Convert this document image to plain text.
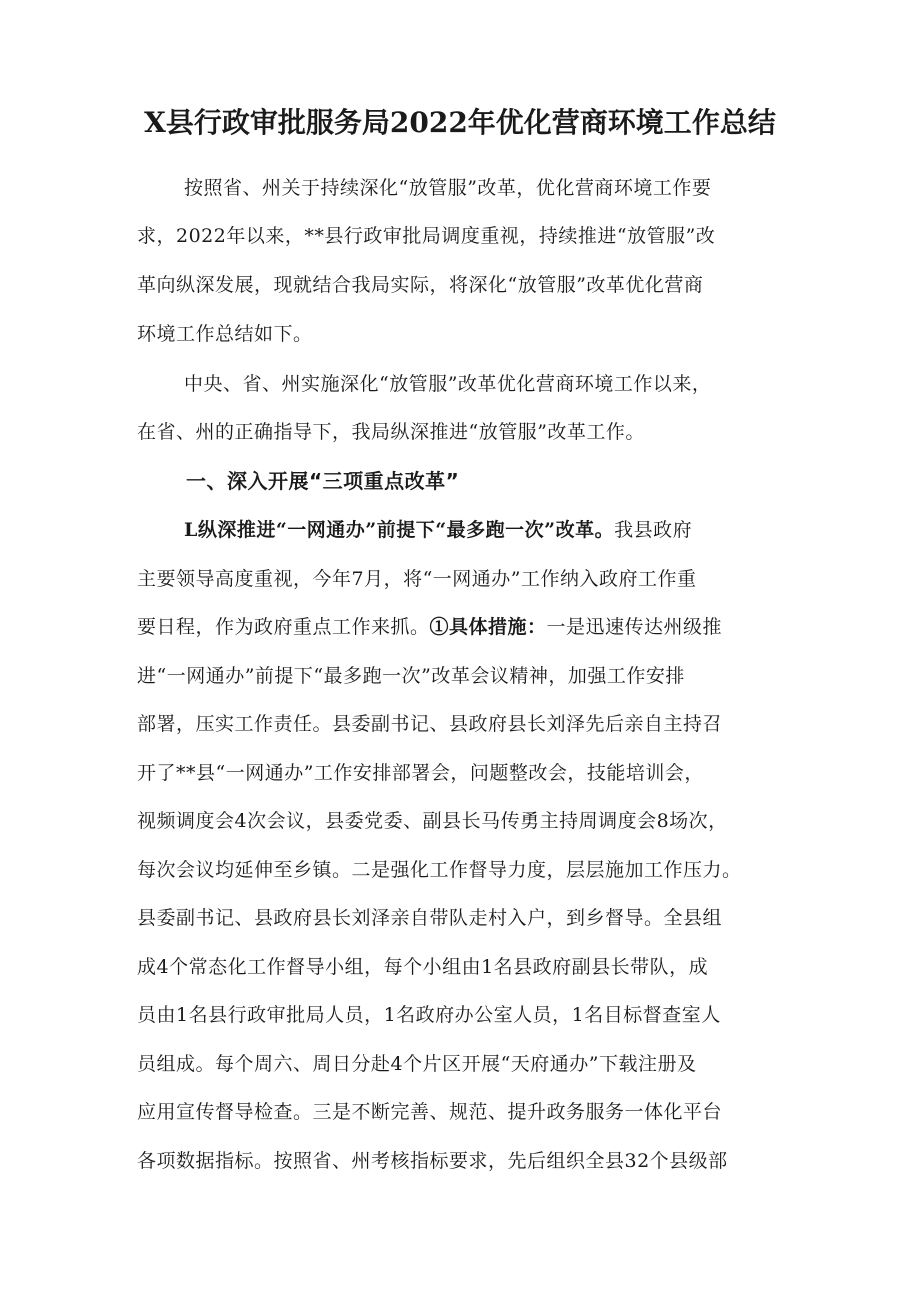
X县行政审批服务局2022年优化营商环境工作总结
按照省、州关于持续深化“放管服”改革，优化营商环境工作要
求，2022年以来，**县行政审批局调度重视，持续推进“放管服”改
革向纵深发展，现就结合我局实际，将深化“放管服”改革优化营商
环境工作总结如下。
中央、省、州实施深化“放管服”改革优化营商环境工作以来，
在省、州的正确指导下，我局纵深推进“放管服”改革工作。
一、深入开展“三项重点改革”
L纵深推进“一网通办”前提下“最多跑一次”改革。我县政府
主要领导高度重视，今年7月，将“一网通办”工作纳入政府工作重
要日程，作为政府重点工作来抓。①具体措施：一是迅速传达州级推
进“一网通办”前提下“最多跑一次”改革会议精神，加强工作安排
部署，压实工作责任。县委副书记、县政府县长刘泽先后亲自主持召
开了**县“一网通办”工作安排部署会，问题整改会，技能培训会，
视频调度会4次会议，县委党委、副县长马传勇主持周调度会8场次，
每次会议均延伸至乡镇。二是强化工作督导力度，层层施加工作压力。
县委副书记、县政府县长刘泽亲自带队走村入户，到乡督导。全县组
成4个常态化工作督导小组，每个小组由1名县政府副县长带队，成
员由1名县行政审批局人员，1名政府办公室人员，1名目标督查室人
员组成。每个周六、周日分赴4个片区开展“天府通办”下载注册及
应用宣传督导检查。三是不断完善、规范、提升政务服务一体化平台
各项数据指标。按照省、州考核指标要求，先后组织全县32个县级部
